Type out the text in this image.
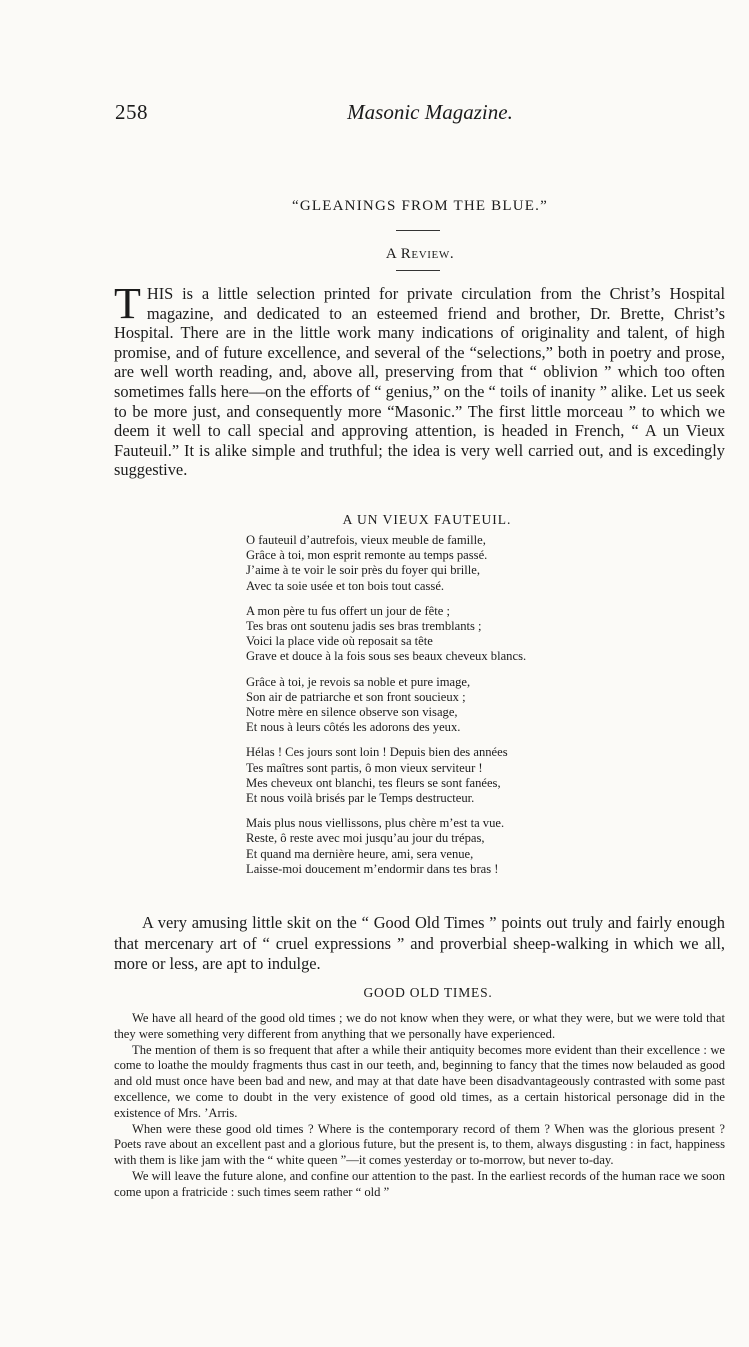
258	Masonic Magazine.
“GLEANINGS FROM THE BLUE.”
A Review.
THIS is a little selection printed for private circulation from the Christ’s Hospital magazine, and dedicated to an esteemed friend and brother, Dr. Brette, Christ’s Hospital. There are in the little work many indications of originality and talent, of high promise, and of future excellence, and several of the “selections,” both in poetry and prose, are well worth reading, and, above all, preserving from that “ oblivion ” which too often sometimes falls here—on the efforts of “ genius,” on the “ toils of inanity ” alike. Let us seek to be more just, and consequently more “Masonic.” The first little morceau ” to which we deem it well to call special and approving attention, is headed in French, “ A un Vieux Fauteuil.” It is alike simple and truthful; the idea is very well carried out, and is excedingly suggestive.
A UN VIEUX FAUTEUIL.
O fauteuil d’autrefois, vieux meuble de famille,
Grâce à toi, mon esprit remonte au temps passé.
J’aime à te voir le soir près du foyer qui brille,
Avec ta soie usée et ton bois tout cassé.
A mon père tu fus offert un jour de fête ;
Tes bras ont soutenu jadis ses bras tremblants ;
Voici la place vide où reposait sa tête
Grave et douce à la fois sous ses beaux cheveux blancs.
Grâce à toi, je revois sa noble et pure image,
Son air de patriarche et son front soucieux ;
Notre mère en silence observe son visage,
Et nous à leurs côtés les adorons des yeux.
Hélas ! Ces jours sont loin ! Depuis bien des années
Tes maîtres sont partis, ô mon vieux serviteur !
Mes cheveux ont blanchi, tes fleurs se sont fanées,
Et nous voilà brisés par le Temps destructeur.
Mais plus nous viellissons, plus chère m’est ta vue.
Reste, ô reste avec moi jusqu’au jour du trépas,
Et quand ma dernière heure, ami, sera venue,
Laisse-moi doucement m’endormir dans tes bras !
A very amusing little skit on the “ Good Old Times ” points out truly and fairly enough that mercenary art of “ cruel expressions ” and proverbial sheep-walking in which we all, more or less, are apt to indulge.
GOOD OLD TIMES.

We have all heard of the good old times ; we do not know when they were, or what they were, but we were told that they were something very different from anything that we personally have experienced.

The mention of them is so frequent that after a while their antiquity becomes more evident than their excellence : we come to loathe the mouldy fragments thus cast in our teeth, and, beginning to fancy that the times now belauded as good and old must once have been bad and new, and may at that date have been disadvantageously contrasted with some past excellence, we come to doubt in the very existence of good old times, as a certain historical personage did in the existence of Mrs. ’Arris.

When were these good old times ? Where is the contemporary record of them ? When was the glorious present ? Poets rave about an excellent past and a glorious future, but the present is, to them, always disgusting : in fact, happiness with them is like jam with the “ white queen ”—it comes yesterday or to-morrow, but never to-day.

We will leave the future alone, and confine our attention to the past. In the earliest records of the human race we soon come upon a fratricide : such times seem rather “ old ”
